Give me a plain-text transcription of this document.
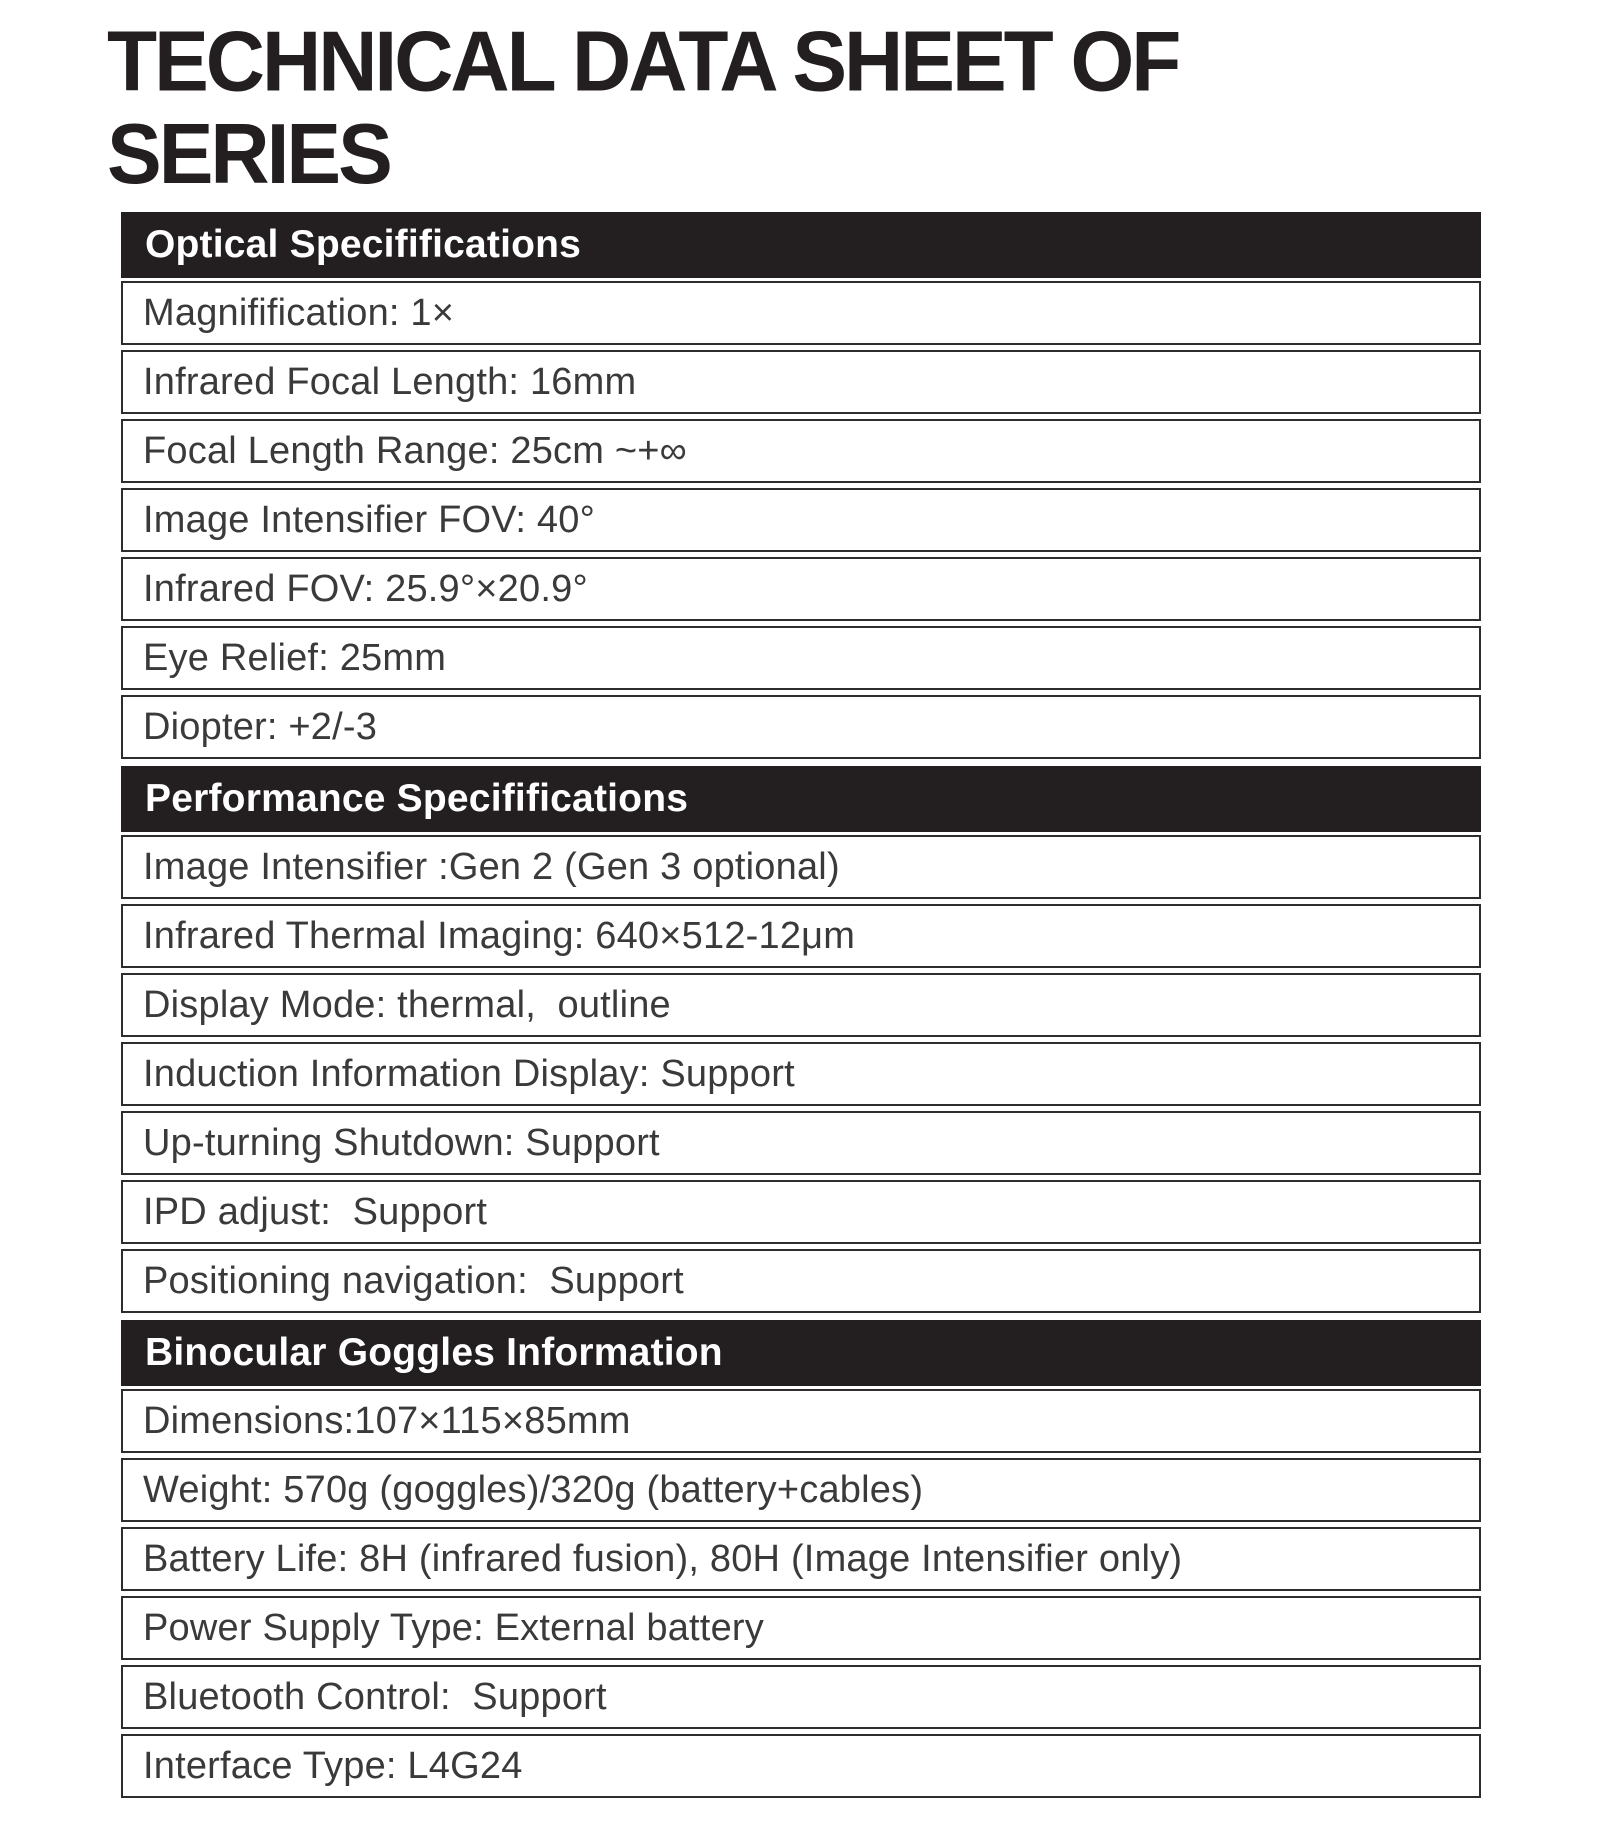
TECHNICAL DATA SHEET OF
SERIES
Optical Specififications
Magnifification: 1×
Infrared Focal Length: 16mm
Focal Length Range: 25cm ~+∞
Image Intensifier FOV: 40°
Infrared FOV: 25.9°×20.9°
Eye Relief: 25mm
Diopter: +2/-3
Performance Specififications
Image Intensifier :Gen 2 (Gen 3 optional)
Infrared Thermal Imaging: 640×512-12μm
Display Mode: thermal,  outline
Induction Information Display: Support
Up-turning Shutdown: Support
IPD adjust:  Support
Positioning navigation:  Support
Binocular Goggles Information
Dimensions:107×115×85mm
Weight: 570g (goggles)/320g (battery+cables)
Battery Life: 8H (infrared fusion), 80H (Image Intensifier only)
Power Supply Type: External battery
Bluetooth Control:  Support
Interface Type: L4G24
